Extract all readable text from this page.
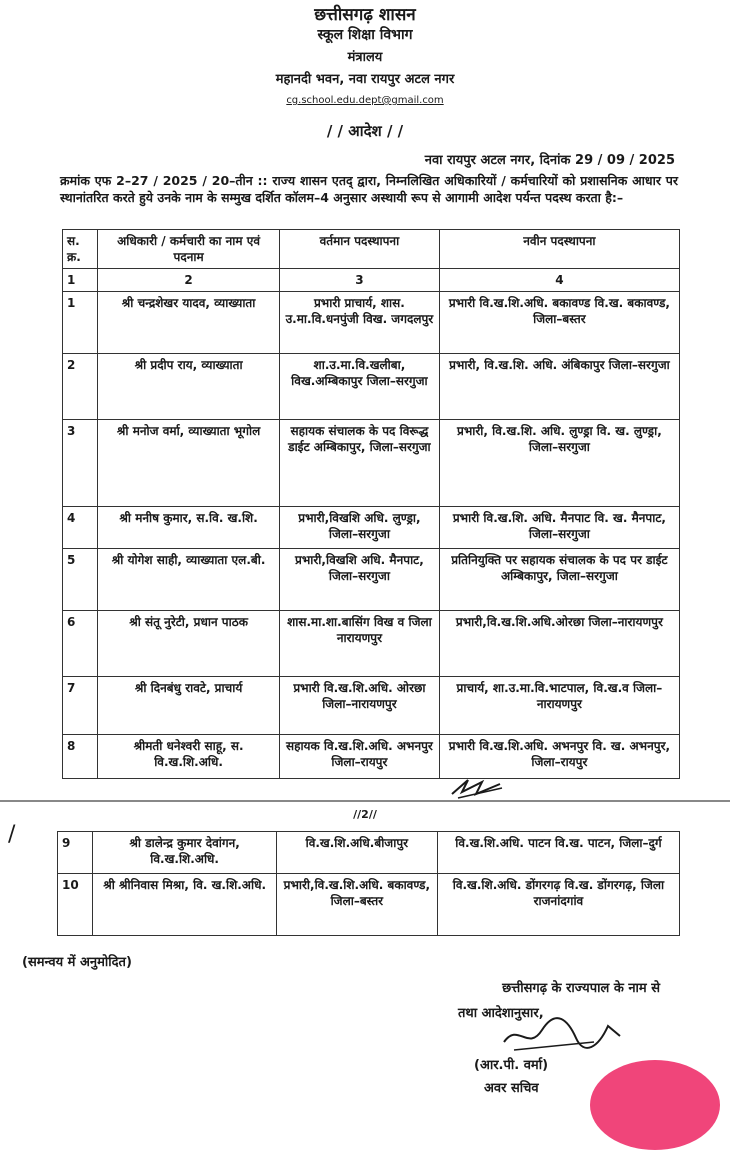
छत्तीसगढ़ शासन
स्कूल शिक्षा विभाग
मंत्रालय
महानदी भवन, नवा रायपुर अटल नगर
cg.school.edu.dept@gmail.com
/ / आदेश / /
नवा रायपुर अटल नगर, दिनांक 29 / 09 / 2025
क्रमांक एफ 2–27 / 2025 / 20–तीन :: राज्य शासन एतद् द्वारा, निम्नलिखित अधिकारियों / कर्मचारियों को प्रशासनिक आधार पर स्थानांतरित करते हुये उनके नाम के सम्मुख दर्शित कॉलम–4 अनुसार अस्थायी रूप से आगामी आदेश पर्यन्त पदस्थ करता है:–
स. क्र.	अधिकारी / कर्मचारी का नाम एवं पदनाम	वर्तमान पदस्थापना	नवीन पदस्थापना
1	2	3	4
1	श्री चन्द्रशेखर यादव, व्याख्याता	प्रभारी प्राचार्य, शास. उ.मा.वि.धनपुंजी विख. जगदलपुर	प्रभारी वि.ख.शि.अधि. बकावण्ड वि.ख. बकावण्ड, जिला–बस्तर
2	श्री प्रदीप राय, व्याख्याता	शा.उ.मा.वि.खलीबा, विख.अम्बिकापुर जिला–सरगुजा	प्रभारी, वि.ख.शि. अधि. अंबिकापुर जिला–सरगुजा
3	श्री मनोज वर्मा, व्याख्याता भूगोल	सहायक संचालक के पद विरूद्ध डाईट अम्बिकापुर, जिला–सरगुजा	प्रभारी, वि.ख.शि. अधि. लुण्ड्रा वि. ख. लुण्ड्रा, जिला–सरगुजा
4	श्री मनीष कुमार, स.वि. ख.शि.	प्रभारी,विखशि अधि. लुण्ड्रा, जिला–सरगुजा	प्रभारी वि.ख.शि. अधि. मैनपाट वि. ख. मैनपाट, जिला–सरगुजा
5	श्री योगेश साही, व्याख्याता एल.बी.	प्रभारी,विखशि अधि. मैनपाट, जिला–सरगुजा	प्रतिनियुक्ति पर सहायक संचालक के पद पर डाईट अम्बिकापुर, जिला–सरगुजा
6	श्री संतू नुरेटी, प्रधान पाठक	शास.मा.शा.बासिंग विख व जिला नारायणपुर	प्रभारी,वि.ख.शि.अधि.ओरछा जिला–नारायणपुर
7	श्री दिनबंधु रावटे, प्राचार्य	प्रभारी वि.ख.शि.अधि. ओरछा जिला–नारायणपुर	प्राचार्य, शा.उ.मा.वि.भाटपाल, वि.ख.व जिला–नारायणपुर
8	श्रीमती धनेश्वरी साहू, स. वि.ख.शि.अधि.	सहायक वि.ख.शि.अधि. अभनपुर जिला–रायपुर	प्रभारी वि.ख.शि.अधि. अभनपुर वि. ख. अभनपुर, जिला–रायपुर
//2//
/	9	श्री डालेन्द्र कुमार देवांगन, वि.ख.शि.अधि.	वि.ख.शि.अधि.बीजापुर	वि.ख.शि.अधि. पाटन वि.ख. पाटन, जिला–दुर्ग
10	श्री श्रीनिवास मिश्रा, वि. ख.शि.अधि.	प्रभारी,वि.ख.शि.अधि. बकावण्ड, जिला–बस्तर	वि.ख.शि.अधि. डोंगरगढ़ वि.ख. डोंगरगढ़, जिला राजनांदगांव
(समन्वय में अनुमोदित)
छत्तीसगढ़ के राज्यपाल के नाम से
तथा आदेशानुसार,
(आर.पी. वर्मा)
अवर सचिव
